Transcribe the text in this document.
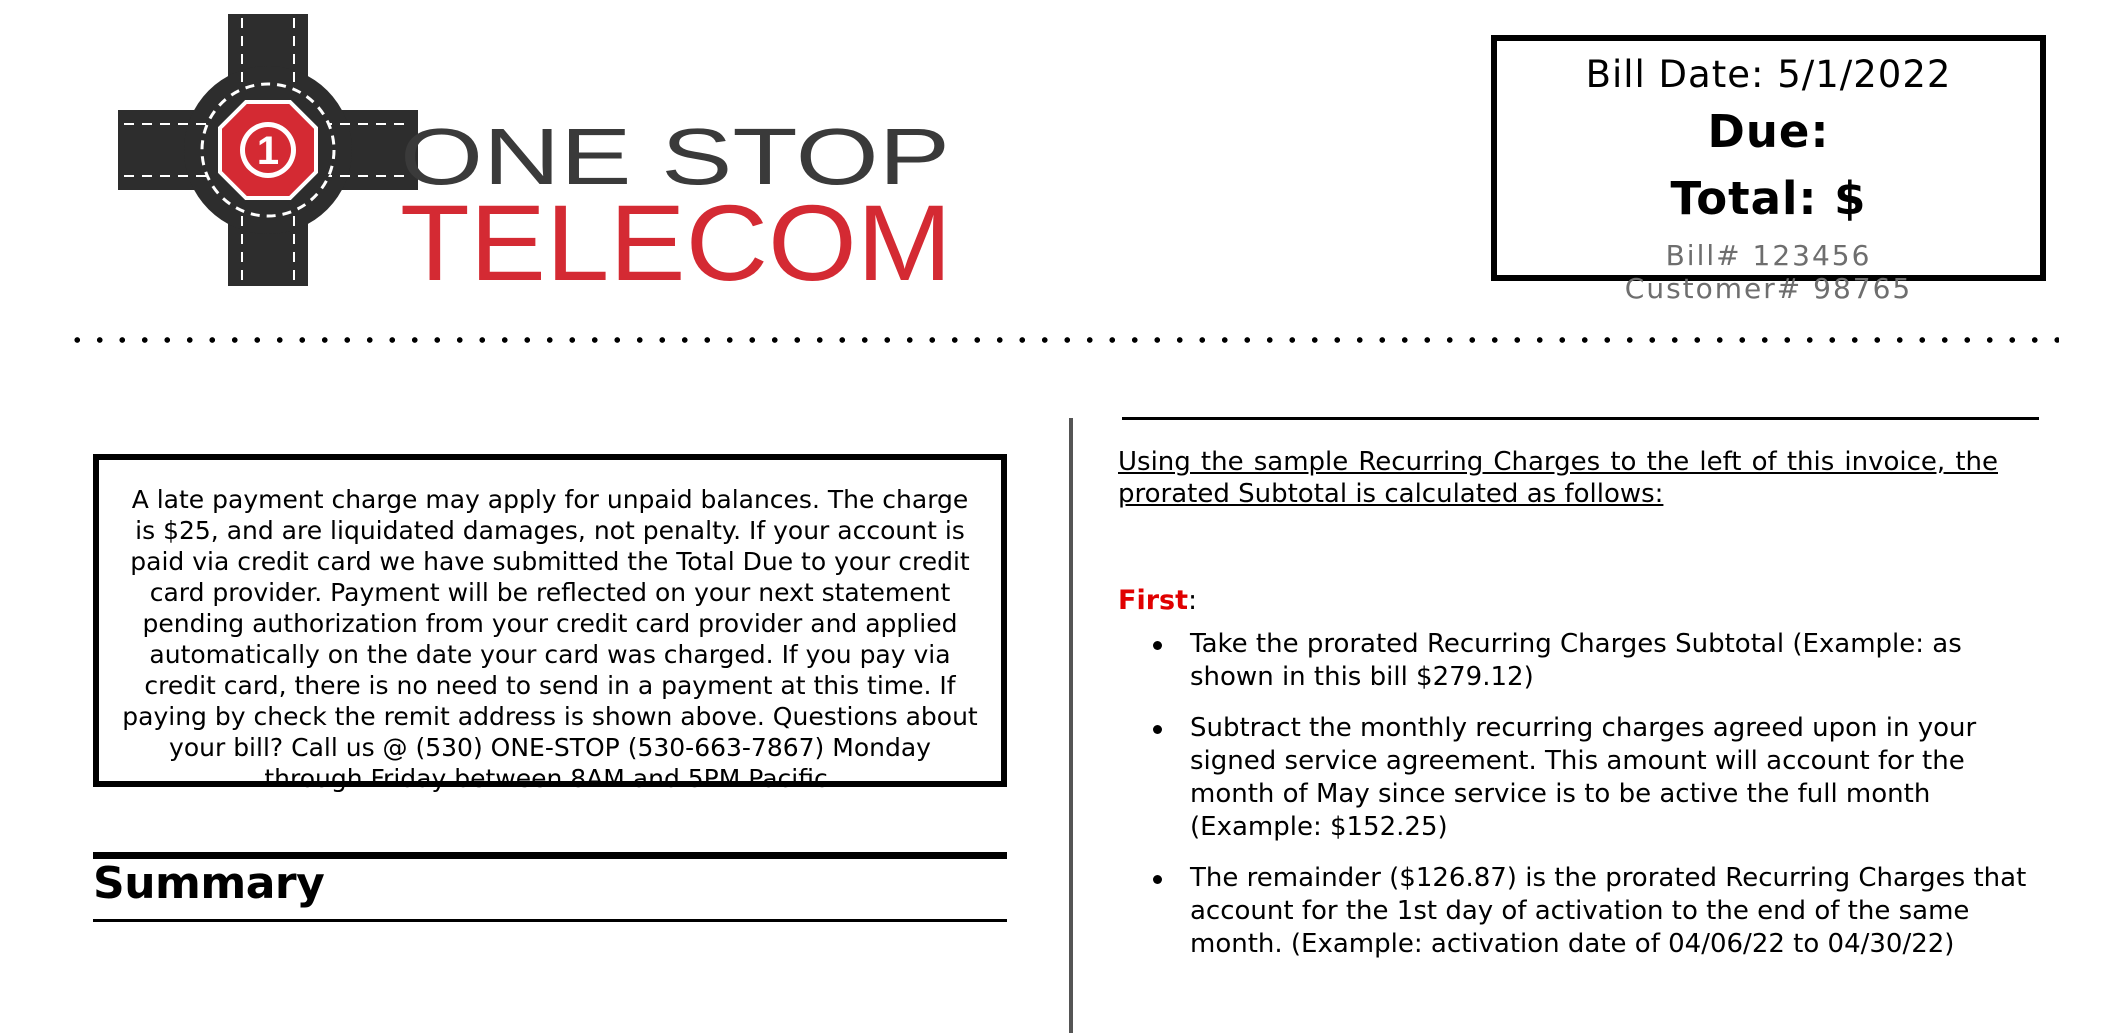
1 ONE STOP
TELECOM
Bill Date: 5/1/2022
Due:
Total: $
Bill# 123456 Customer# 98765
A late payment charge may apply for unpaid balances. The charge is $25, and are liquidated damages, not penalty. If your account is paid via credit card we have submitted the Total Due to your credit card provider. Payment will be reflected on your next statement pending authorization from your credit card provider and applied automatically on the date your card was charged. If you pay via credit card, there is no need to send in a payment at this time. If paying by check the remit address is shown above. Questions about your bill? Call us @ (530) ONE-STOP (530-663-7867) Monday through Friday between 8AM and 5PM Pacific.
Summary
Using the sample Recurring Charges to the left of this invoice, the prorated Subtotal is calculated as follows:
First:
Take the prorated Recurring Charges Subtotal (Example: as shown in this bill $279.12)
Subtract the monthly recurring charges agreed upon in your signed service agreement. This amount will account for the month of May since service is to be active the full month (Example: $152.25)
The remainder ($126.87) is the prorated Recurring Charges that account for the 1st day of activation to the end of the same month. (Example: activation date of 04/06/22 to 04/30/22)
